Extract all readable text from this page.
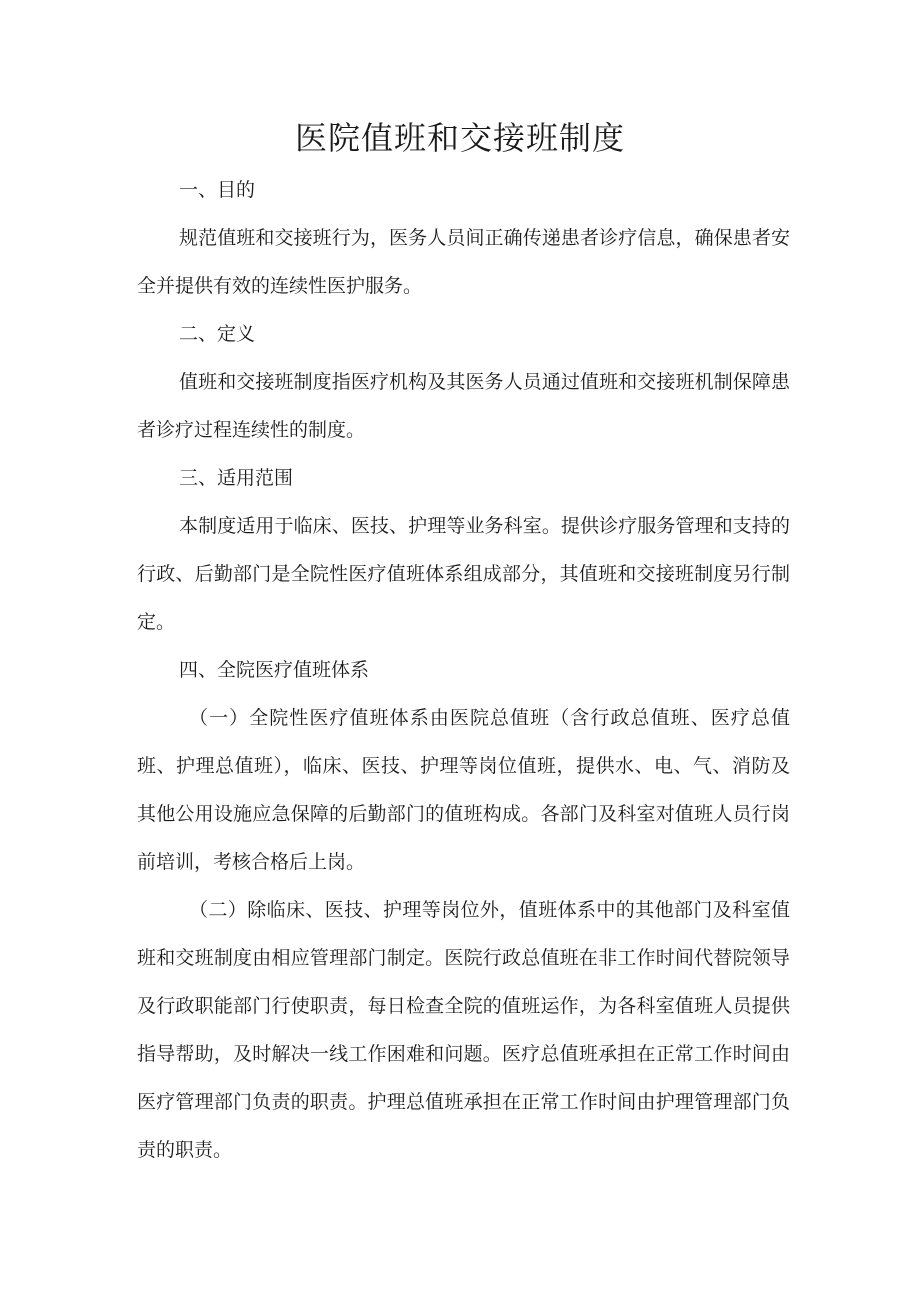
医院值班和交接班制度

一、目的

规范值班和交接班行为，医务人员间正确传递患者诊疗信息，确保患者安全并提供有效的连续性医护服务。

二、定义

值班和交接班制度指医疗机构及其医务人员通过值班和交接班机制保障患者诊疗过程连续性的制度。

三、适用范围

本制度适用于临床、医技、护理等业务科室。提供诊疗服务管理和支持的行政、后勤部门是全院性医疗值班体系组成部分，其值班和交接班制度另行制定。

四、全院医疗值班体系

（一）全院性医疗值班体系由医院总值班（含行政总值班、医疗总值班、护理总值班），临床、医技、护理等岗位值班，提供水、电、气、消防及其他公用设施应急保障的后勤部门的值班构成。各部门及科室对值班人员行岗前培训，考核合格后上岗。

（二）除临床、医技、护理等岗位外，值班体系中的其他部门及科室值班和交班制度由相应管理部门制定。医院行政总值班在非工作时间代替院领导及行政职能部门行使职责，每日检查全院的值班运作，为各科室值班人员提供指导帮助，及时解决一线工作困难和问题。医疗总值班承担在正常工作时间由医疗管理部门负责的职责。护理总值班承担在正常工作时间由护理管理部门负责的职责。
